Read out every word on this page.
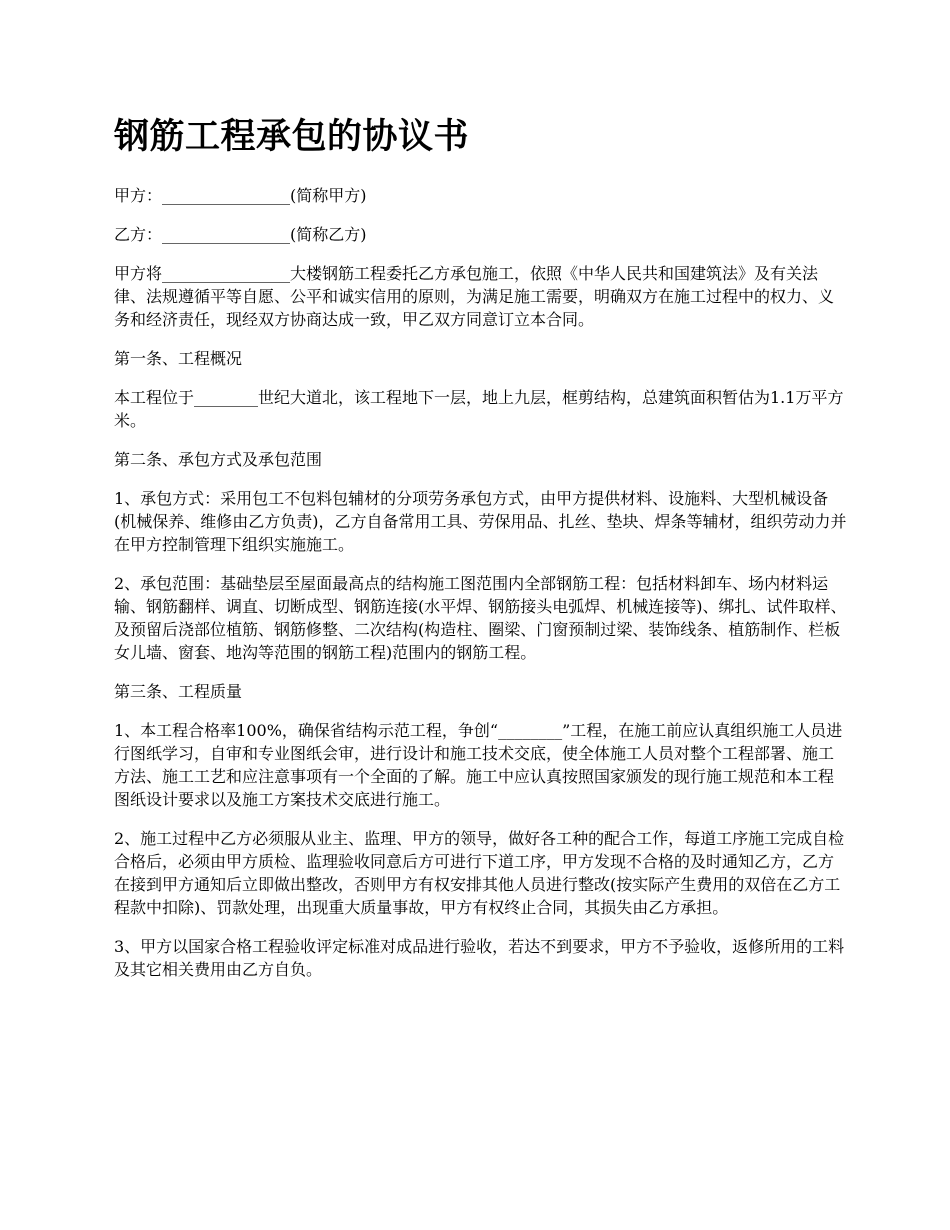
钢筋工程承包的协议书

甲方：________________(简称甲方)

乙方：________________(简称乙方)

甲方将________________大楼钢筋工程委托乙方承包施工，依照《中华人民共和国建筑法》及有关法律、法规遵循平等自愿、公平和诚实信用的原则，为满足施工需要，明确双方在施工过程中的权力、义务和经济责任，现经双方协商达成一致，甲乙双方同意订立本合同。

第一条、工程概况

本工程位于________世纪大道北，该工程地下一层，地上九层，框剪结构，总建筑面积暂估为1.1万平方米。

第二条、承包方式及承包范围

1、承包方式：采用包工不包料包辅材的分项劳务承包方式，由甲方提供材料、设施料、大型机械设备(机械保养、维修由乙方负责)，乙方自备常用工具、劳保用品、扎丝、垫块、焊条等辅材，组织劳动力并在甲方控制管理下组织实施施工。

2、承包范围：基础垫层至屋面最高点的结构施工图范围内全部钢筋工程：包括材料卸车、场内材料运输、钢筋翻样、调直、切断成型、钢筋连接(水平焊、钢筋接头电弧焊、机械连接等)、绑扎、试件取样、及预留后浇部位植筋、钢筋修整、二次结构(构造柱、圈梁、门窗预制过梁、装饰线条、植筋制作、栏板女儿墙、窗套、地沟等范围的钢筋工程)范围内的钢筋工程。

第三条、工程质量

1、本工程合格率100%，确保省结构示范工程，争创“________”工程，在施工前应认真组织施工人员进行图纸学习，自审和专业图纸会审，进行设计和施工技术交底，使全体施工人员对整个工程部署、施工方法、施工工艺和应注意事项有一个全面的了解。施工中应认真按照国家颁发的现行施工规范和本工程图纸设计要求以及施工方案技术交底进行施工。

2、施工过程中乙方必须服从业主、监理、甲方的领导，做好各工种的配合工作，每道工序施工完成自检合格后，必须由甲方质检、监理验收同意后方可进行下道工序，甲方发现不合格的及时通知乙方，乙方在接到甲方通知后立即做出整改，否则甲方有权安排其他人员进行整改(按实际产生费用的双倍在乙方工程款中扣除)、罚款处理，出现重大质量事故，甲方有权终止合同，其损失由乙方承担。

3、甲方以国家合格工程验收评定标准对成品进行验收，若达不到要求，甲方不予验收，返修所用的工料及其它相关费用由乙方自负。
